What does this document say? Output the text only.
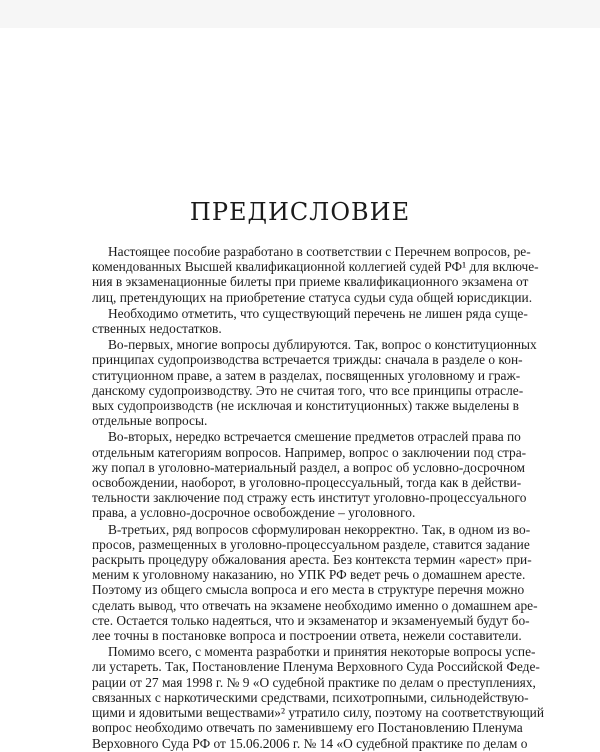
ПРЕДИСЛОВИЕ
Настоящее пособие разработано в соответствии с Перечнем вопросов, ре-
комендованных Высшей квалификационной коллегией судей РФ¹ для включе-
ния в экзаменационные билеты при приеме квалификационного экзамена от
лиц, претендующих на приобретение статуса судьи суда общей юрисдикции.
Необходимо отметить, что существующий перечень не лишен ряда суще-
ственных недостатков.
Во-первых, многие вопросы дублируются. Так, вопрос о конституционных
принципах судопроизводства встречается трижды: сначала в разделе о кон-
ституционном праве, а затем в разделах, посвященных уголовному и граж-
данскому судопроизводству. Это не считая того, что все принципы отрасле-
вых судопроизводств (не исключая и конституционных) также выделены в
отдельные вопросы.
Во-вторых, нередко встречается смешение предметов отраслей права по
отдельным категориям вопросов. Например, вопрос о заключении под стра-
жу попал в уголовно-материальный раздел, а вопрос об условно-досрочном
освобождении, наоборот, в уголовно-процессуальный, тогда как в действи-
тельности заключение под стражу есть институт уголовно-процессуального
права, а условно-досрочное освобождение – уголовного.
В-третьих, ряд вопросов сформулирован некорректно. Так, в одном из во-
просов, размещенных в уголовно-процессуальном разделе, ставится задание
раскрыть процедуру обжалования ареста. Без контекста термин «арест» при-
меним к уголовному наказанию, но УПК РФ ведет речь о домашнем аресте.
Поэтому из общего смысла вопроса и его места в структуре перечня можно
сделать вывод, что отвечать на экзамене необходимо именно о домашнем аре-
сте. Остается только надеяться, что и экзаменатор и экзаменуемый будут бо-
лее точны в постановке вопроса и построении ответа, нежели составители.
Помимо всего, с момента разработки и принятия некоторые вопросы успе-
ли устареть. Так, Постановление Пленума Верховного Суда Российской Феде-
рации от 27 мая 1998 г. № 9 «О судебной практике по делам о преступлениях,
связанных с наркотическими средствами, психотропными, сильнодействую-
щими и ядовитыми веществами»² утратило силу, поэтому на соответствующий
вопрос необходимо отвечать по заменившему его Постановлению Пленума
Верховного Суда РФ от 15.06.2006 г. № 14 «О судебной практике по делам о
